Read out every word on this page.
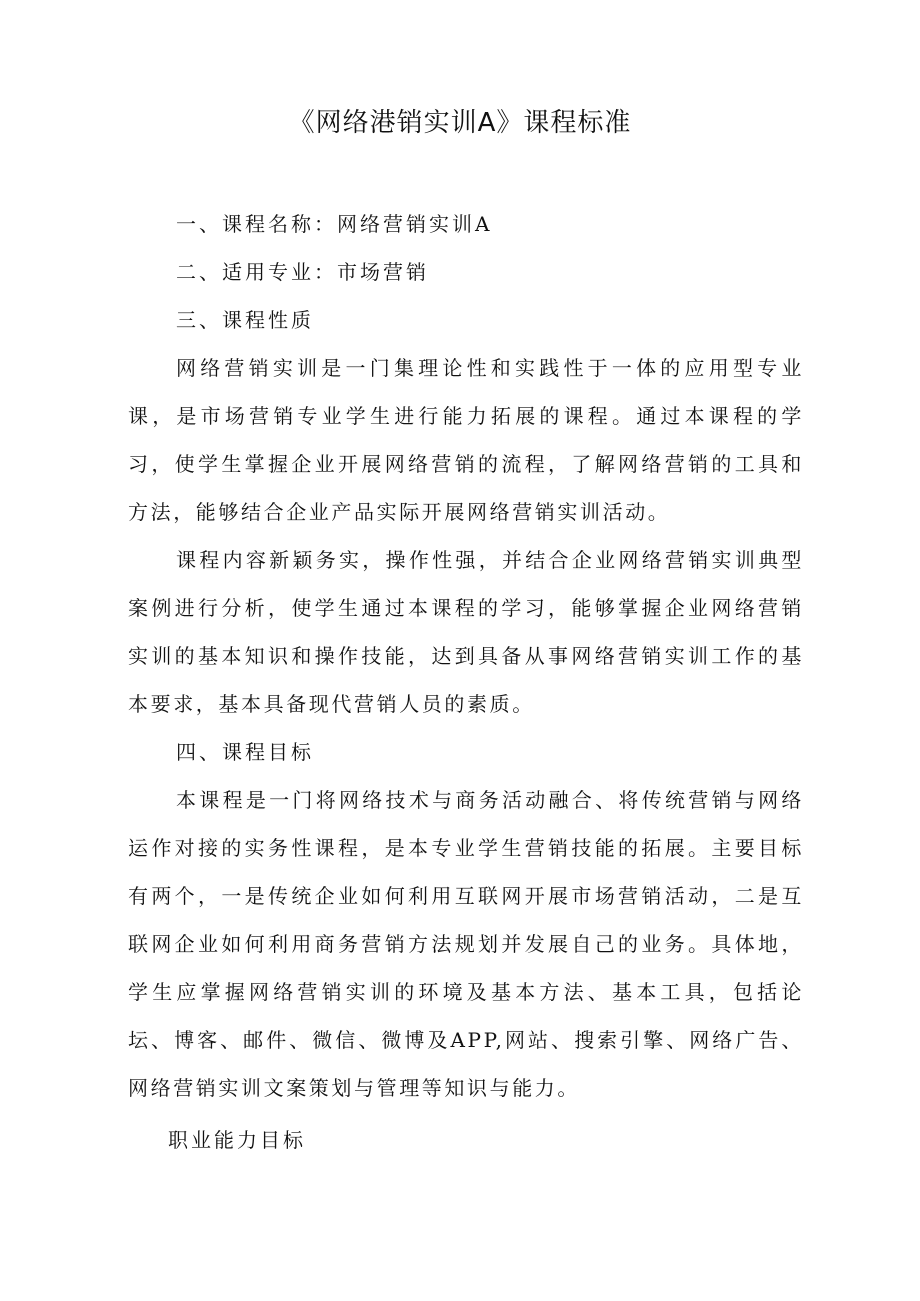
《网络港销实训A》课程标准

一、课程名称：网络营销实训A

二、适用专业：市场营销

三、课程性质

网络营销实训是一门集理论性和实践性于一体的应用型专业课，是市场营销专业学生进行能力拓展的课程。通过本课程的学习，使学生掌握企业开展网络营销的流程，了解网络营销的工具和方法，能够结合企业产品实际开展网络营销实训活动。

课程内容新颖务实，操作性强，并结合企业网络营销实训典型案例进行分析，使学生通过本课程的学习，能够掌握企业网络营销实训的基本知识和操作技能，达到具备从事网络营销实训工作的基本要求，基本具备现代营销人员的素质。

四、课程目标

本课程是一门将网络技术与商务活动融合、将传统营销与网络运作对接的实务性课程，是本专业学生营销技能的拓展。主要目标有两个，一是传统企业如何利用互联网开展市场营销活动，二是互联网企业如何利用商务营销方法规划并发展自己的业务。具体地，学生应掌握网络营销实训的环境及基本方法、基本工具，包括论坛、博客、邮件、微信、微博及APP,网站、搜索引擎、网络广告、网络营销实训文案策划与管理等知识与能力。

职业能力目标
